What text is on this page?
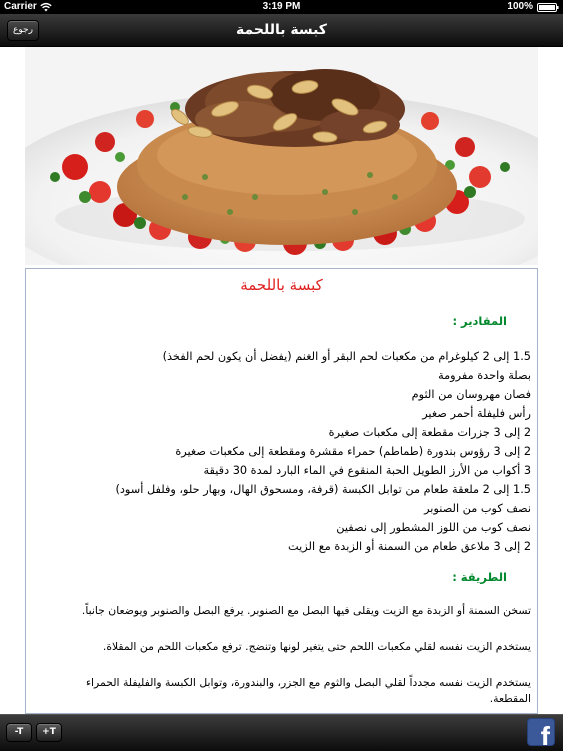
Carrier	3:19 PM	100%
كبسة باللحمة
رجوع
كبسة باللحمة
المقادير :
1.5 إلى 2 كيلوغرام من مكعبات لحم البقر أو الغنم (يفضل أن يكون لحم الفخذ)
بصلة واحدة مفرومة
فصان مهروسان من الثوم
رأس فليفلة أحمر صغير
2 إلى 3 جزرات مقطعة إلى مكعبات صغيرة
2 إلى 3 رؤوس بندورة (طماطم) حمراء مقشرة ومقطعة إلى مكعبات صغيرة
3 أكواب من الأرز الطويل الحبة المنقوع في الماء البارد لمدة 30 دقيقة
1.5 إلى 2 ملعقة طعام من توابل الكبسة (قرفة، ومسحوق الهال، وبهار حلو، وفلفل أسود)
نصف كوب من الصنوبر
نصف كوب من اللوز المشطور إلى نصفين
2 إلى 3 ملاعق طعام من السمنة أو الزبدة مع الزيت
الطريقة :

تسخن السمنة أو الزبدة مع الزيت ويقلى فيها البصل مع الصنوبر. يرفع البصل والصنوبر ويوضعان جانباً.

يستخدم الزيت نفسه لقلي مكعبات اللحم حتى يتغير لونها وتنضج. ترفع مكعبات اللحم من المقلاة.

يستخدم الزيت نفسه مجدداً لقلي البصل والثوم مع الجزر، والبندورة، وتوابل الكبسة والفليفلة الحمراء المقطعة.

-T	+T	f
